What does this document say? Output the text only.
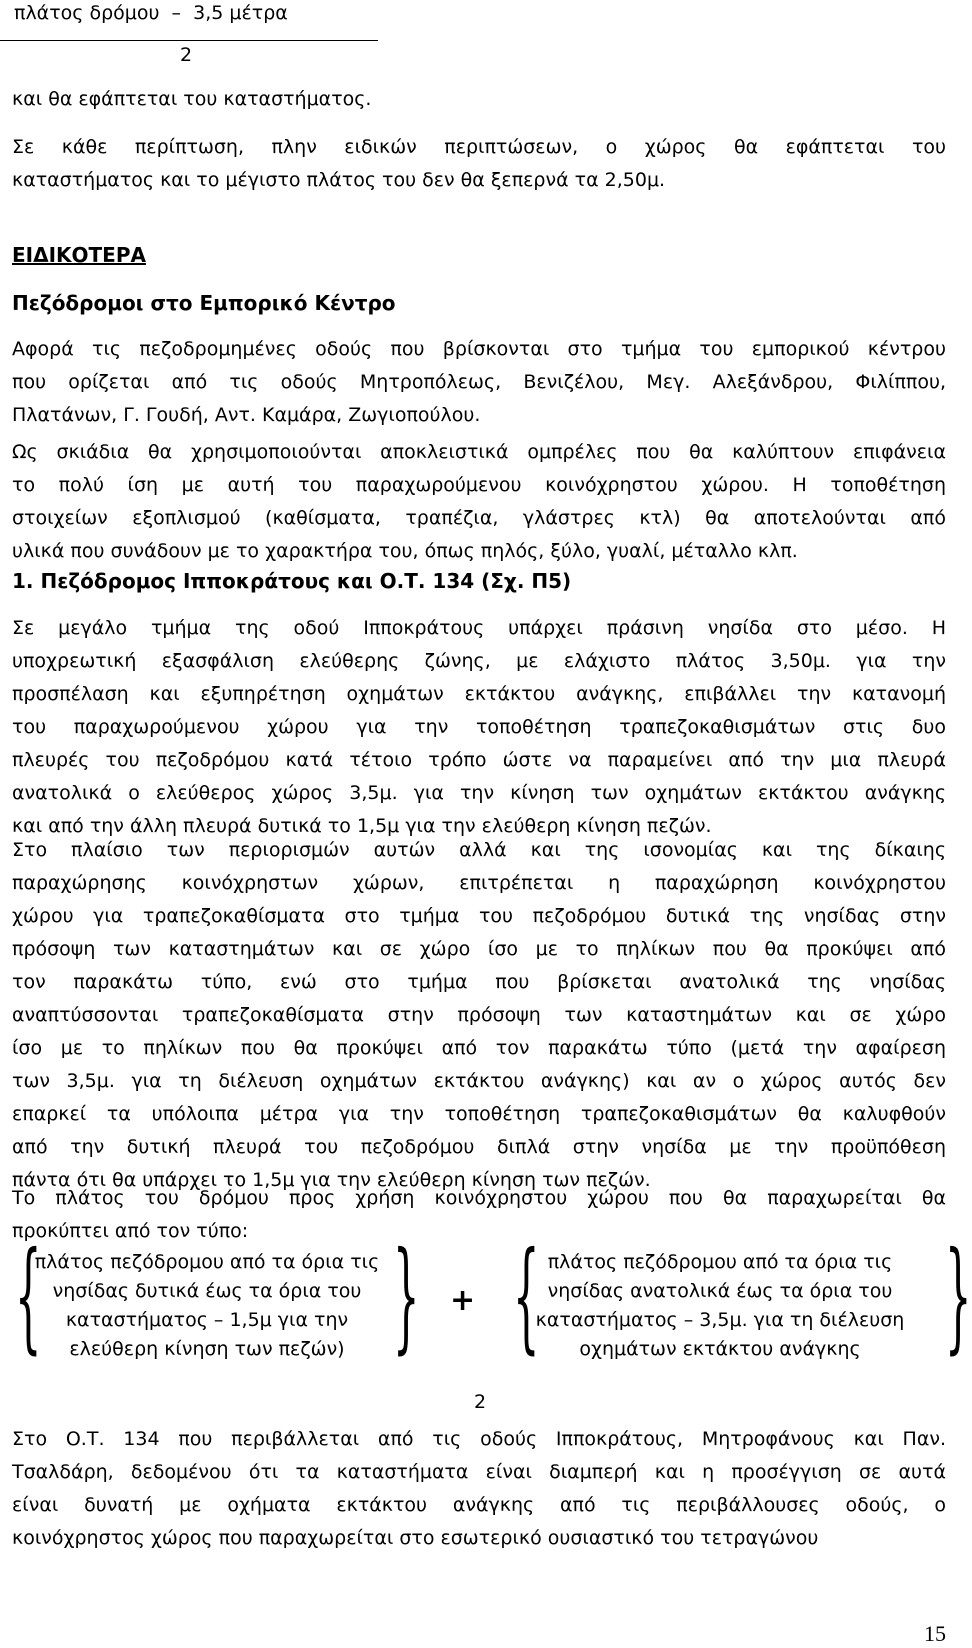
πλάτος δρόμου  –  3,5 μέτρα
2
και θα εφάπτεται του καταστήματος.
Σε κάθε περίπτωση, πλην ειδικών περιπτώσεων, ο χώρος θα εφάπτεται του
καταστήματος και το μέγιστο πλάτος του δεν θα ξεπερνά τα 2,50μ.
ΕΙΔΙΚΟΤΕΡΑ
Πεζόδρομοι στο Εμπορικό Κέντρο
Αφορά τις πεζοδρομημένες οδούς που βρίσκονται στο τμήμα του εμπορικού κέντρου
που ορίζεται από τις οδούς Μητροπόλεως, Βενιζέλου, Μεγ. Αλεξάνδρου, Φιλίππου,
Πλατάνων, Γ. Γουδή, Αντ. Καμάρα, Ζωγιοπούλου.
Ως σκιάδια θα χρησιμοποιούνται αποκλειστικά ομπρέλες που θα καλύπτουν επιφάνεια
το πολύ ίση με αυτή του παραχωρούμενου κοινόχρηστου χώρου. Η τοποθέτηση
στοιχείων εξοπλισμού (καθίσματα, τραπέζια, γλάστρες κτλ) θα αποτελούνται από
υλικά που συνάδουν με το χαρακτήρα του, όπως πηλός, ξύλο, γυαλί, μέταλλο κλπ.
1. Πεζόδρομος Ιπποκράτους και Ο.Τ. 134 (Σχ. Π5)
Σε μεγάλο τμήμα της οδού Ιπποκράτους υπάρχει πράσινη νησίδα στο μέσο. Η
υποχρεωτική εξασφάλιση ελεύθερης ζώνης, με ελάχιστο πλάτος 3,50μ. για την
προσπέλαση και εξυπηρέτηση οχημάτων εκτάκτου ανάγκης, επιβάλλει την κατανομή
του παραχωρούμενου χώρου για την τοποθέτηση τραπεζοκαθισμάτων στις δυο
πλευρές του πεζοδρόμου κατά τέτοιο τρόπο ώστε να παραμείνει από την μια πλευρά
ανατολικά ο ελεύθερος χώρος 3,5μ. για την κίνηση των οχημάτων εκτάκτου ανάγκης
και από την άλλη πλευρά δυτικά το 1,5μ για την ελεύθερη κίνηση πεζών.
Στο πλαίσιο των περιορισμών αυτών αλλά και της ισονομίας και της δίκαιης
παραχώρησης κοινόχρηστων χώρων, επιτρέπεται η παραχώρηση κοινόχρηστου
χώρου για τραπεζοκαθίσματα στο τμήμα του πεζοδρόμου δυτικά της νησίδας στην
πρόσοψη των καταστημάτων και σε χώρο ίσο με το πηλίκων που θα προκύψει από
τον παρακάτω τύπο, ενώ στο τμήμα που βρίσκεται ανατολικά της νησίδας
αναπτύσσονται τραπεζοκαθίσματα στην πρόσοψη των καταστημάτων και σε χώρο
ίσο με το πηλίκων που θα προκύψει από τον παρακάτω τύπο (μετά την αφαίρεση
των 3,5μ. για τη διέλευση οχημάτων εκτάκτου ανάγκης) και αν ο χώρος αυτός δεν
επαρκεί τα υπόλοιπα μέτρα για την τοποθέτηση τραπεζοκαθισμάτων θα καλυφθούν
από την δυτική πλευρά του πεζοδρόμου διπλά στην νησίδα με την προϋπόθεση
πάντα ότι θα υπάρχει το 1,5μ για την ελεύθερη κίνηση των πεζών.
Το πλάτος του δρόμου προς χρήση κοινόχρηστου χώρου που θα παραχωρείται θα
προκύπτει από τον τύπο:
{
πλάτος πεζόδρομου από τα όρια τις
νησίδας δυτικά έως τα όρια του
καταστήματος – 1,5μ για την
ελεύθερη κίνηση των πεζών) } + { πλάτος πεζόδρομου από τα όρια τις
νησίδας ανατολικά έως τα όρια του
καταστήματος – 3,5μ. για τη διέλευση
οχημάτων εκτάκτου ανάγκης }
2
Στο Ο.Τ. 134 που περιβάλλεται από τις οδούς Ιπποκράτους, Μητροφάνους και Παν.
Τσαλδάρη, δεδομένου ότι τα καταστήματα είναι διαμπερή και η προσέγγιση σε αυτά
είναι δυνατή με οχήματα εκτάκτου ανάγκης από τις περιβάλλουσες οδούς, ο
κοινόχρηστος χώρος που παραχωρείται στο εσωτερικό ουσιαστικό του τετραγώνου
15
